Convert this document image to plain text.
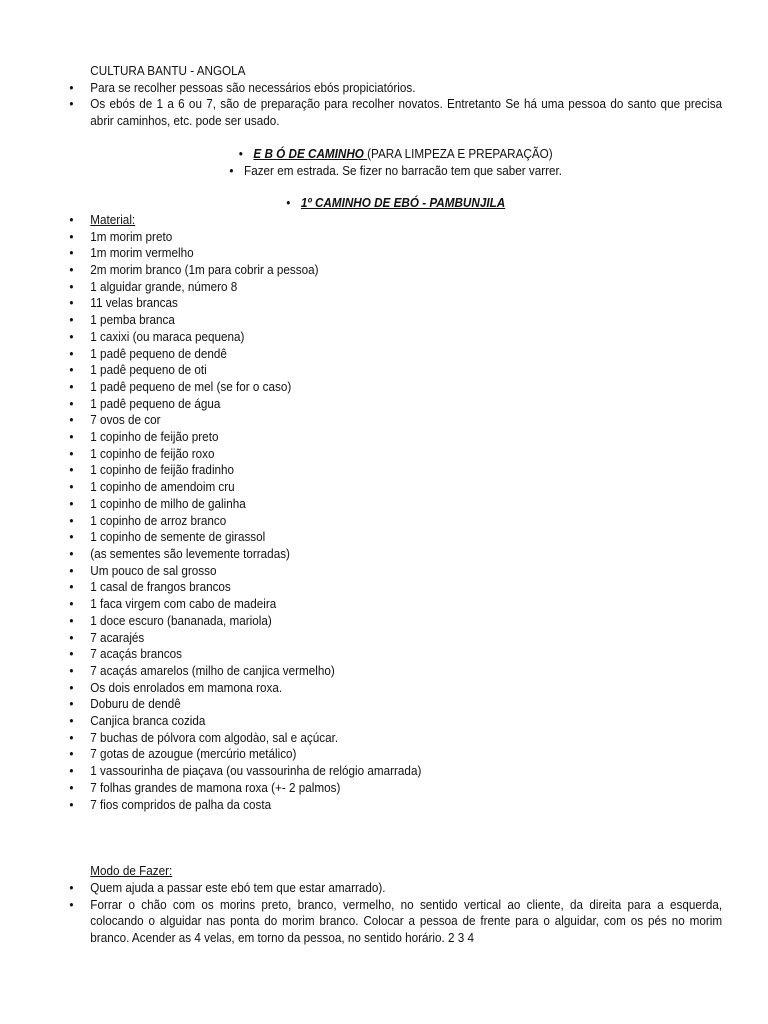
CULTURA BANTU - ANGOLA
•
Para se recolher pessoas são necessários ebós propiciatórios.
•
Os ebós de 1 a 6 ou 7, são de preparação para recolher novatos. Entretanto Se há uma pessoa do santo que precisa abrir caminhos, etc. pode ser usado.
•
E B Ó DE CAMINHO (PARA LIMPEZA E PREPARAÇÃO)
•
Fazer em estrada. Se fizer no barracão tem que saber varrer.
•
1º CAMINHO DE EBÓ - PAMBUNJILA
•
Material:
•
1m morim preto
•
1m morim vermelho
•
2m morim branco (1m para cobrir a pessoa)
•
1 alguidar grande, número 8
•
11 velas brancas
•
1 pemba branca
•
1 caxixi (ou maraca pequena)
•
1 padê pequeno de dendê
•
1 padê pequeno de oti
•
1 padê pequeno de mel (se for o caso)
•
1 padê pequeno de água
•
7 ovos de cor
•
1 copinho de feijão preto
•
1 copinho de feijão roxo
•
1 copinho de feijão fradinho
•
1 copinho de amendoim cru
•
1 copinho de milho de galinha
•
1 copinho de arroz branco
•
1 copinho de semente de girassol
•
(as sementes são levemente torradas)
•
Um pouco de sal grosso
•
1 casal de frangos brancos
•
1 faca virgem com cabo de madeira
•
1 doce escuro (bananada, mariola)
•
7 acarajés
•
7 acaçás brancos
•
7 acaçás amarelos (milho de canjica vermelho)
•
Os dois enrolados em mamona roxa.
•
Doburu de dendê
•
Canjica branca cozida
•
7 buchas de pólvora com algodào, sal e açúcar.
•
7 gotas de azougue (mercúrio metálico)
•
1 vassourinha de piaçava (ou vassourinha de relógio amarrada)
•
7 folhas grandes de mamona roxa (+- 2 palmos)
•
7 fios compridos de palha da costa
Modo de Fazer:
•
Quem ajuda a passar este ebó tem que estar amarrado).
•
Forrar o chão com os morins preto, branco, vermelho, no sentido vertical ao cliente, da direita para a esquerda, colocando o alguidar nas ponta do morim branco. Colocar a pessoa de frente para o alguidar, com os pés no morim branco. Acender as 4 velas, em torno da pessoa, no sentido horário. 2 3 4
